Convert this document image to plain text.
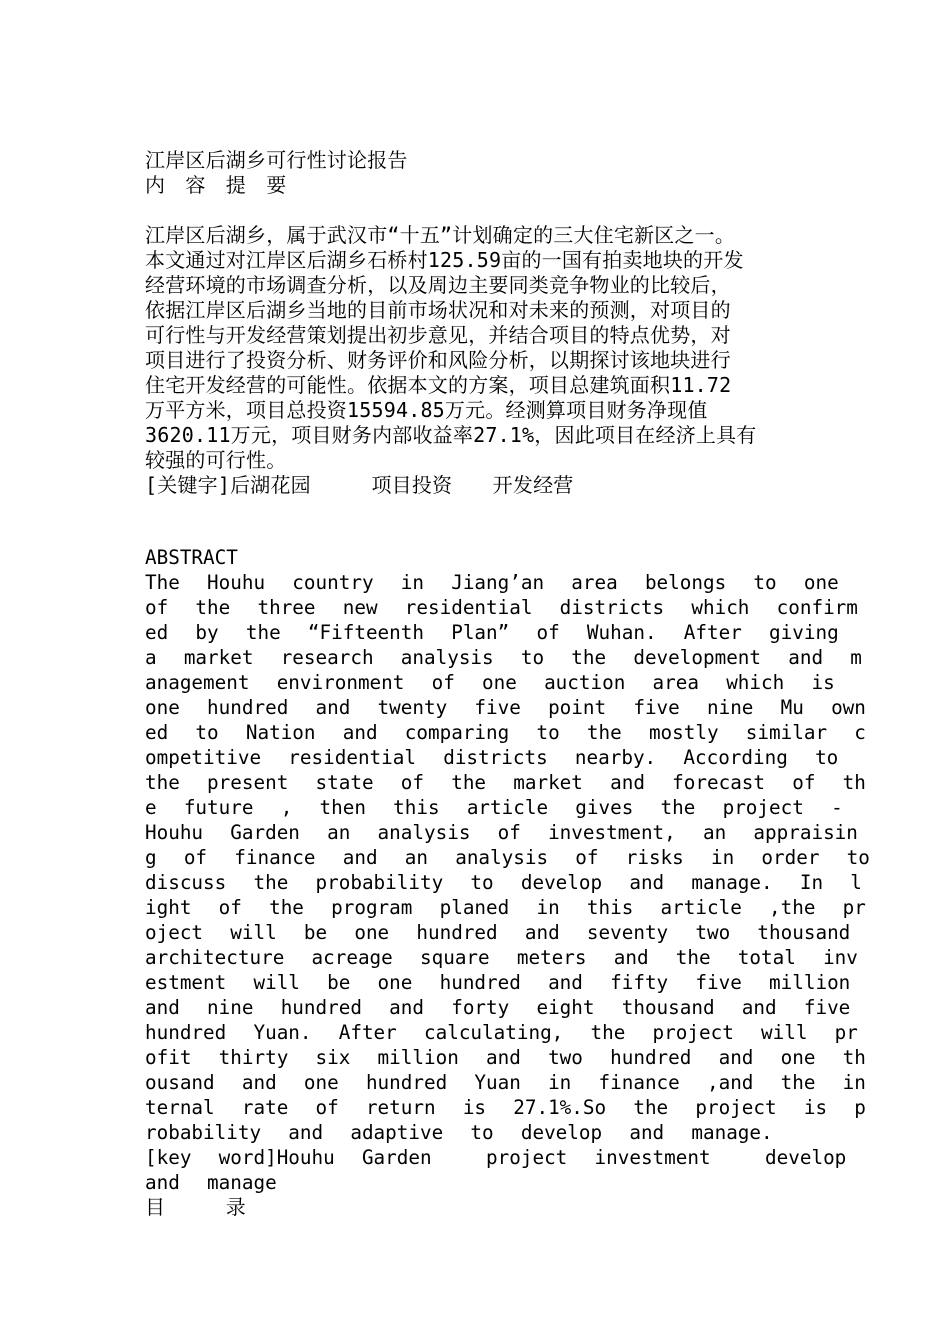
江岸区后湖乡可行性讨论报告
内　容　提　要
江岸区后湖乡，属于武汉市“十五”计划确定的三大住宅新区之一。
本文通过对江岸区后湖乡石桥村125.59亩的一国有拍卖地块的开发
经营环境的市场调查分析，以及周边主要同类竞争物业的比较后，
依据江岸区后湖乡当地的目前市场状况和对未来的预测，对项目的
可行性与开发经营策划提出初步意见，并结合项目的特点优势，对
项目进行了投资分析、财务评价和风险分析，以期探讨该地块进行
住宅开发经营的可能性。依据本文的方案，项目总建筑面积11.72
万平方米，项目总投资15594.85万元。经测算项目财务净现值
3620.11万元，项目财务内部收益率27.1%，因此项目在经济上具有
较强的可行性。
[关键字]后湖花园　　　项目投资　　开发经营
ABSTRACT
The  Houhu  country  in  Jiang’an  area  belongs  to  one
of  the  three  new  residential  districts  which  confirm
ed  by  the  “Fifteenth  Plan”  of  Wuhan.  After  giving
a  market  research  analysis  to  the  development  and  m
anagement  environment  of  one  auction  area  which  is
one  hundred  and  twenty  five  point  five  nine  Mu  own
ed  to  Nation  and  comparing  to  the  mostly  similar  c
ompetitive  residential  districts  nearby.  According  to
the  present  state  of  the  market  and  forecast  of  th
e  future  ,  then  this  article  gives  the  project  -
Houhu  Garden  an  analysis  of  investment,  an  appraisin
g  of  finance  and  an  analysis  of  risks  in  order  to
discuss  the  probability  to  develop  and  manage.  In  l
ight  of  the  program  planed  in  this  article  ,the  pr
oject  will  be  one  hundred  and  seventy  two  thousand
architecture  acreage  square  meters  and  the  total  inv
estment  will  be  one  hundred  and  fifty  five  million
and  nine  hundred  and  forty  eight  thousand  and  five
hundred  Yuan.  After  calculating,  the  project  will  pr
ofit  thirty  six  million  and  two  hundred  and  one  th
ousand  and  one  hundred  Yuan  in  finance  ,and  the  in
ternal  rate  of  return  is  27.1%.So  the  project  is  p
robability  and  adaptive  to  develop  and  manage.
[key  word]Houhu  Garden    project  investment    develop
and  manage
目　　　录
